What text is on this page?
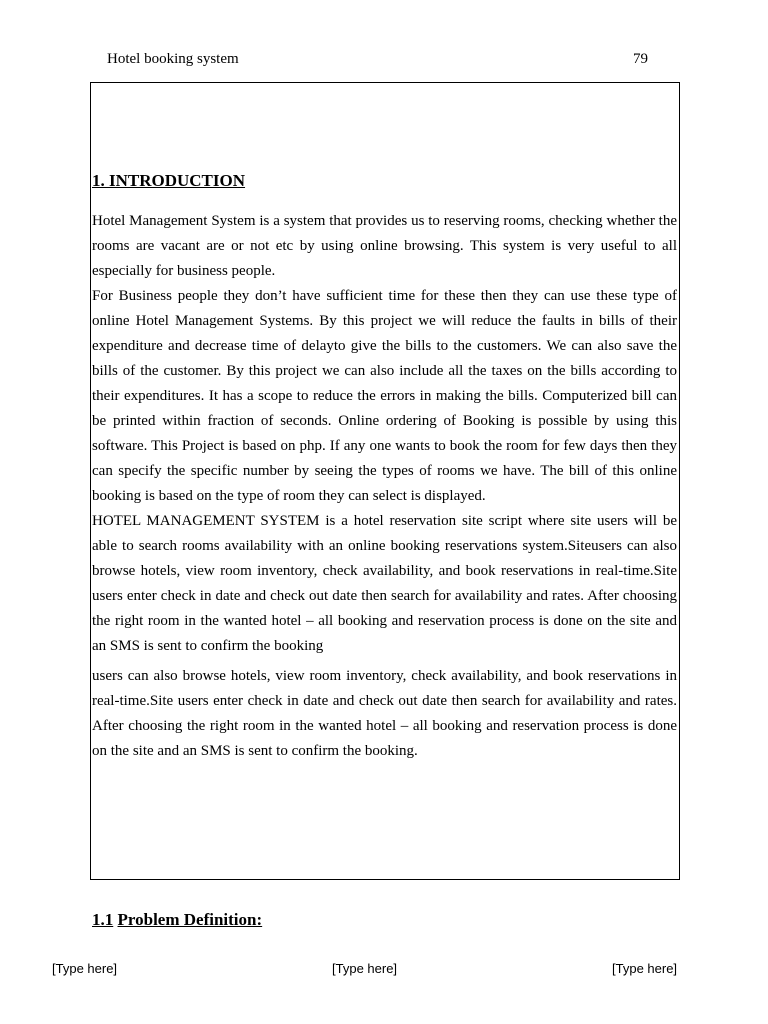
Hotel booking system	79
1. INTRODUCTION
Hotel Management System is a system that provides us to reserving rooms, checking whether the rooms are vacant are or not etc by using online browsing. This system is very useful to all especially for business people.
For Business people they don’t have sufficient time for these then they can use these type of online Hotel Management Systems. By this project we will reduce the faults in bills of their expenditure and decrease time of delayto give the bills to the customers. We can also save the bills of the customer. By this project we can also include all the taxes on the bills according to their expenditures. It has a scope to reduce the errors in making the bills. Computerized bill can be printed within fraction of seconds. Online ordering of Booking is possible by using this software. This Project is based on php. If any one wants to book the room for few days then they can specify the specific number by seeing the types of rooms we have. The bill of this online booking is based on the type of room they can select is displayed.
HOTEL MANAGEMENT SYSTEM is a hotel reservation site script where site users will be able to search rooms availability with an online booking reservations system.Siteusers can also browse hotels, view room inventory, check availability, and book reservations in real-time.Site users enter check in date and check out date then search for availability and rates. After choosing the right room in the wanted hotel – all booking and reservation process is done on the site and an SMS is sent to confirm the booking
users can also browse hotels, view room inventory, check availability, and book reservations in real-time.Site users enter check in date and check out date then search for availability and rates. After choosing the right room in the wanted hotel – all booking and reservation process is done on the site and an SMS is sent to confirm the booking.
1.1 Problem Definition:
[Type here]	[Type here]	[Type here]
